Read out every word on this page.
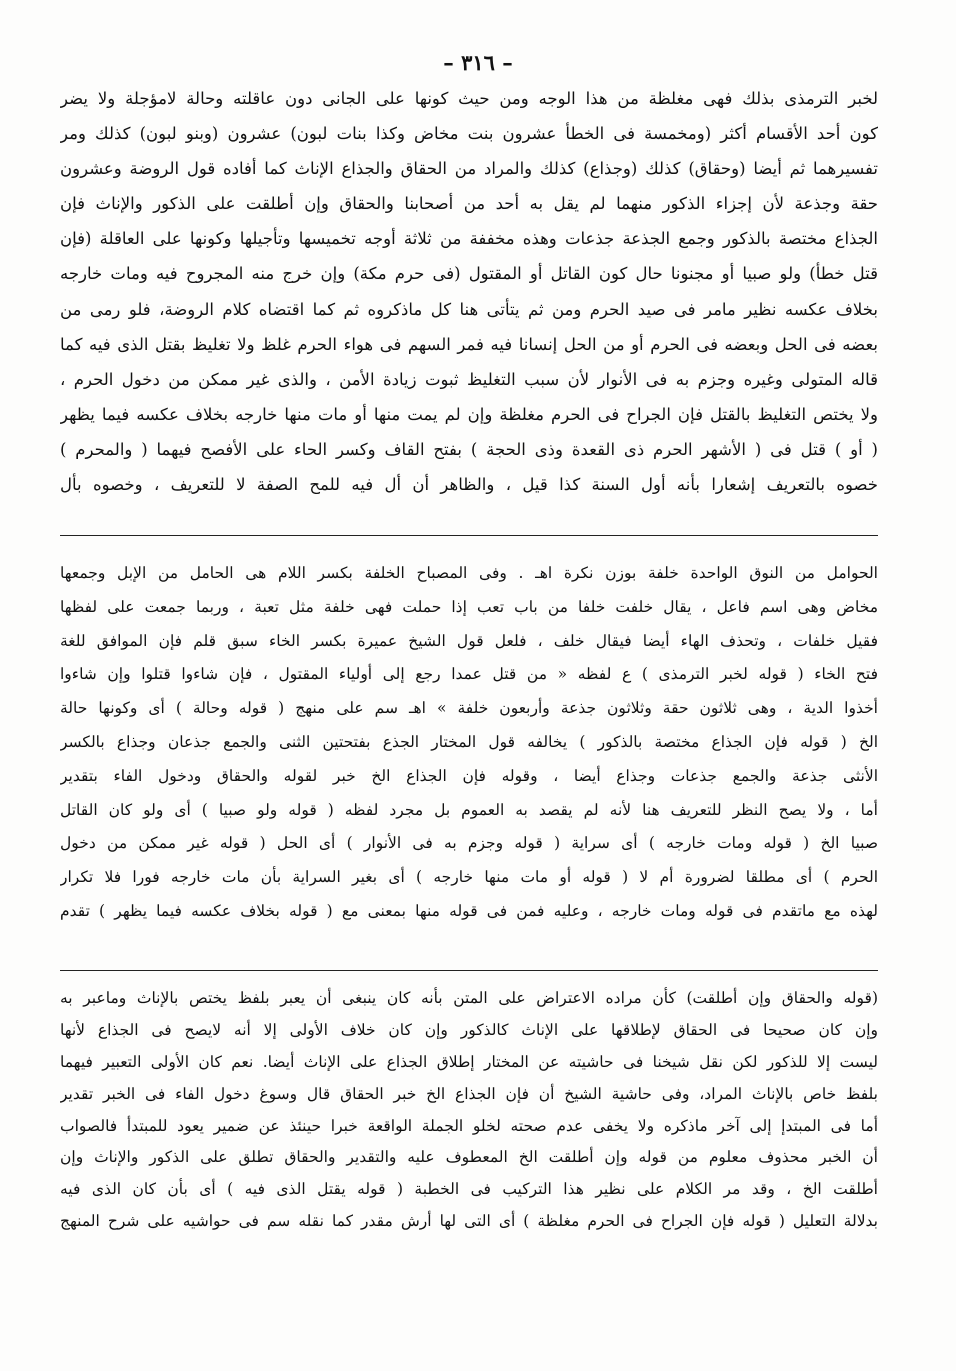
– ٣١٦ –
لخبر الترمذى بذلك فهى مغلظة من هذا الوجه ومن حيث كونها على الجانى دون عاقلته وحالة لامؤجلة ولا يضر
كون أحد الأقسام أكثر (ومخمسة فى الخطأ عشرون بنت مخاض وكذا بنات لبون) عشرون (وبنو لبون) كذلك ومر
تفسيرهما ثم أيضا (وحقاق) كذلك (وجذاع) كذلك والمراد من الحقاق والجذاع الإناث كما أفاده قول الروضة وعشرون
حقة وجذعة لأن إجزاء الذكور منهما لم يقل به أحد من أصحابنا والحقاق وإن أطلقت على الذكور والإناث فإن
الجذاع مختصة بالذكور وجمع الجذعة جذعات وهذه مخففة من ثلاثة أوجه تخميسها وتأجيلها وكونها على العاقلة (فإن
قتل خطأ) ولو صبيا أو مجنونا حال كون القاتل أو المقتول (فى حرم مكة) وإن خرج منه المجروح فيه ومات خارجه
بخلاف عكسه نظير مامر فى صيد الحرم ومن ثم يتأتى هنا كل ماذكروه ثم كما اقتضاه كلام الروضة، فلو رمى من
بعضه فى الحل وبعضه فى الحرم أو من الحل إنسانا فيه فمر السهم فى هواء الحرم غلظ ولا تغليظ بقتل الذى فيه كما
قاله المتولى وغيره وجزم به فى الأنوار لأن سبب التغليظ ثبوت زيادة الأمن ، والذى غير ممكن من دخول الحرم ،
ولا يختص التغليظ بالقتل فإن الجراح فى الحرم مغلظة وإن لم يمت منها أو مات منها خارجه بخلاف عكسه فيما يظهر
( أو ) قتل فى ( الأشهر الحرم ذى القعدة وذى الحجة ) بفتح القاف وكسر الحاء على الأفصح فيهما ( والمحرم )
خصوه بالتعريف إشعارا بأنه أول السنة كذا قيل ، والظاهر أن أل فيه للمح الصفة لا للتعريف ، وخصوه بأل
الحوامل من النوق الواحدة خلفة بوزن نكرة اهـ . وفى المصباح الخلفة بكسر اللام هى الحامل من الإبل وجمعها
مخاض وهى اسم فاعل ، يقال خلفت خلفا من باب تعب إذا حملت فهى خلفة مثل تعبة ، وربما جمعت على لفظها
فقيل خلفات ، وتحذف الهاء أيضا فيقال خلف ، فلعل قول الشيخ عميرة بكسر الخاء سبق قلم فإن الموافق للغة
فتح الخاء ( قوله لخبر الترمذى ) ع لفظه « من قتل عمدا رجع إلى أولياء المقتول ، فإن شاءوا قتلوا وإن شاءوا
أخذوا الدية ، وهى ثلاثون حقة وثلاثون جذعة وأربعون خلفة » اهـ سم على منهج ( قوله وحالة ) أى وكونها حالة
الخ ( قوله فإن الجذاع مختصة بالذكور ) يخالفه قول المختار الجذع بفتحتين الثنى والجمع جذعان وجذاع بالكسر
الأنثى جذعة والجمع جذعات وجذاع أيضا ، وقوله فإن الجذاع الخ خبر لقوله والحقاق ودخول الفاء بتقدير
أما ، ولا يصح النظر للتعريف هنا لأنه لم يقصد به العموم بل مجرد لفظه ( قوله ولو صبيا ) أى ولو كان القاتل
صبيا الخ ( قوله ومات خارجه ) أى سراية ( قوله وجزم به فى الأنوار ) أى الحل ( قوله غير ممكن من دخول
الحرم ) أى مطلقا لضرورة أم لا ( قوله أو مات منها خارجه ) أى بغير السراية بأن مات خارجه فورا فلا تكرار
لهذه مع ماتقدم فى قوله ومات خارجه ، وعليه فمن فى قوله منها بمعنى مع ( قوله بخلاف عكسه فيما يظهر ) تقدم
(قوله والحقاق وإن أطلقت) كأن مراده الاعتراض على المتن بأنه كان ينبغى أن يعبر بلفظ يختص بالإناث وماعبر به
وإن كان صحيحا فى الحقاق لإطلاقها على الإناث كالذكور وإن كان خلاف الأولى إلا أنه لايصح فى الجذاع لأنها
ليست إلا للذكور لكن نقل شيخنا فى حاشيته عن المختار إطلاق الجذاع على الإناث أيضا. نعم كان الأولى التعبير فيهما
بلفظ خاص بالإناث المراد، وفى حاشية الشيخ أن فإن الجذاع الخ خبر الحقاق قال وسوغ دخول الفاء فى الخبر تقدير
أما فى المبتدإ إلى آخر ماذكره ولا يخفى عدم صحته لخلو الجملة الواقعة خبرا حينئذ عن ضمير يعود للمبتدأ فالصواب
أن الخبر محذوف معلوم من قوله وإن أطلقت الخ المعطوف عليه والتقدير والحقاق تطلق على الذكور والإناث وإن
أطلقت الخ ، وقد مر الكلام على نظير هذا التركيب فى الخطبة ( قوله يقتل الذى فيه ) أى بأن كان الذى فيه
بدلالة التعليل ( قوله فإن الجراح فى الحرم مغلظة ) أى التى لها أرش مقدر كما نقله سم فى حواشيه على شرح المنهج
